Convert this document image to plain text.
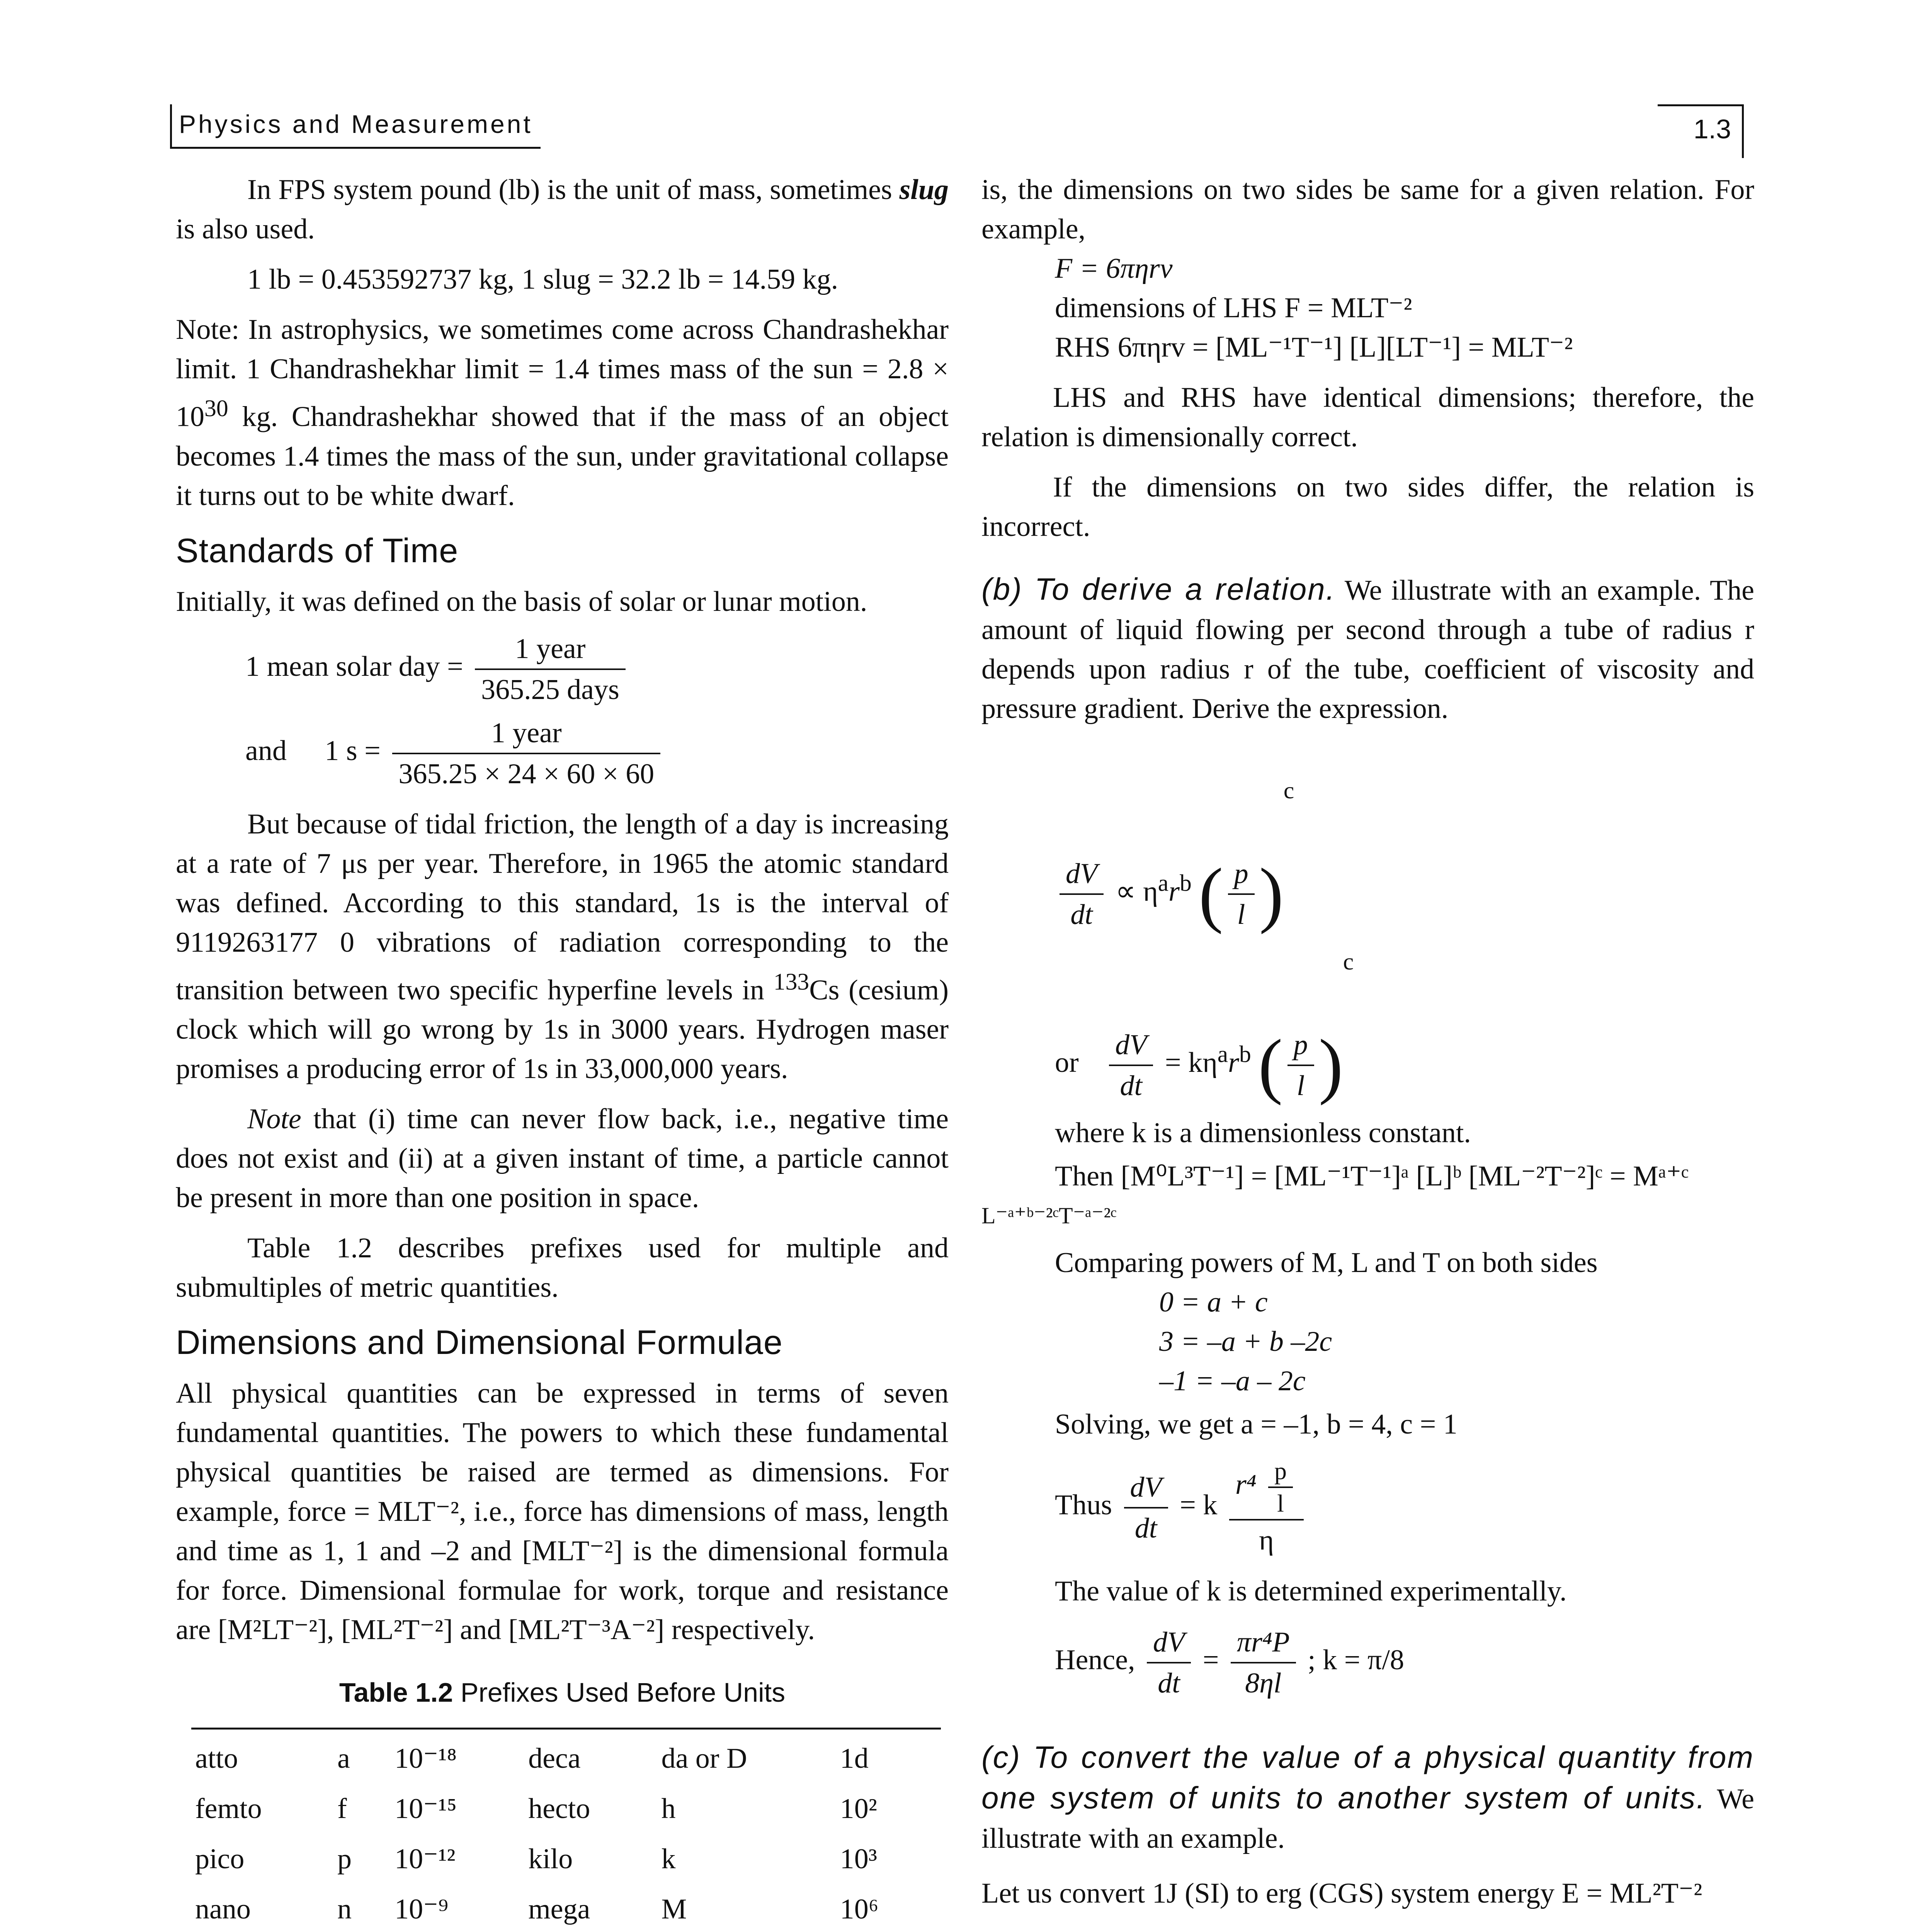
Physics and Measurement	1.3

In FPS system pound (lb) is the unit of mass, sometimes slug is also used.

1 lb = 0.453592737 kg, 1 slug = 32.2 lb = 14.59 kg.

Note: In astrophysics, we sometimes come across Chandrashekhar limit. 1 Chandrashekhar limit = 1.4 times mass of the sun = $2.8 \times 10^{30}$ kg. Chandrashekhar showed that if the mass of an object becomes 1.4 times the mass of the sun, under gravitational collapse it turns out to be white dwarf.

Standards of Time

Initially, it was defined on the basis of solar or lunar motion.

1 mean solar day = $\frac{\text{1 year}}{\text{365.25 days}}$
and 1 $s = \frac{\text{1 year}}{365.25 \times 24 \times 60 \times 60}$

But because of tidal friction, the length of a day is increasing at a rate of 7 μs per year. Therefore, in 1965 the atomic standard was defined. According to this standard, 1s is the interval of 9119263177 0 vibrations of radiation corresponding to the transition between two specific hyperfine levels in $^{133}$Cs (cesium) clock which will go wrong by 1s in 3000 years. Hydrogen maser promises a producing error of 1s in 33,000,000 years.

Note that (i) time can never flow back, i.e., negative time does not exist and (ii) at a given instant of time, a particle cannot be present in more than one position in space.

Table 1.2 describes prefixes used for multiple and submultiples of metric quantities.

Dimensions and Dimensional Formulae

All physical quantities can be expressed in terms of seven fundamental quantities. The powers to which these fundamental physical quantities be raised are termed as dimensions. For example, force = MLT⁻², i.e., force has dimensions of mass, length and time as 1, 1 and –2 and [MLT⁻²] is the dimensional formula for force. Dimensional formulae for work, torque and resistance are [M²LT⁻²], [ML²T⁻²] and [ML²T⁻³A⁻²] respectively.

Table 1.2 Prefixes Used Before Units
atto	a	10⁻¹⁸	deca	da or D	1d
femto	f	10⁻¹⁵	hecto	h	10²
pico	p	10⁻¹²	kilo	k	10³
nano	n	10⁻⁹	mega	M	10⁶

is, the dimensions on two sides be same for a given relation. For example,

F = 6πηrv
dimensions of LHS F = MLT⁻²
RHS 6πηrv = [ML⁻¹T⁻¹] [L][LT⁻¹] = MLT⁻²

LHS and RHS have identical dimensions; therefore, the relation is dimensionally correct.

If the dimensions on two sides differ, the relation is incorrect.

(b) To derive a relation. We illustrate with an example. The amount of liquid flowing per second through a tube of radius r depends upon radius r of the tube, coefficient of viscosity and pressure gradient. Derive the expression.

$\frac{dV}{dt} \propto \eta^ar^b$ ( $\frac{p}{l} )^c$
or $\frac{dV}{dt} = k\eta^ar^b$ ( $\frac{p}{l} )^c$

where k is a dimensionless constant.

Then [M⁰L³T⁻¹] = [ML⁻¹T⁻¹]ᵃ [L]ᵇ [ML⁻²T⁻²]ᶜ = Mᵃ⁺ᶜ

L⁻ᵃ⁺ᵇ⁻²ᶜT⁻ᵃ⁻²ᶜ

Comparing powers of M, L and T on both sides

0 = a + c
3 = –a + b –2c
–1 = –a – 2c

Solving, we get a = –1, b = 4, c = 1

Thus $\frac{dV}{dt} = k \frac{r^4 \frac{p}{l}}{\eta}$

The value of k is determined experimentally.

Hence, $\frac{dV}{dt} = \frac{\text{πr⁴P}}{8\eta l}$ ; k = π/8

(c) To convert the value of a physical quantity from one system of units to another system of units. We illustrate with an example.

Let us convert 1J (SI) to erg (CGS) system energy E = ML²T⁻²
